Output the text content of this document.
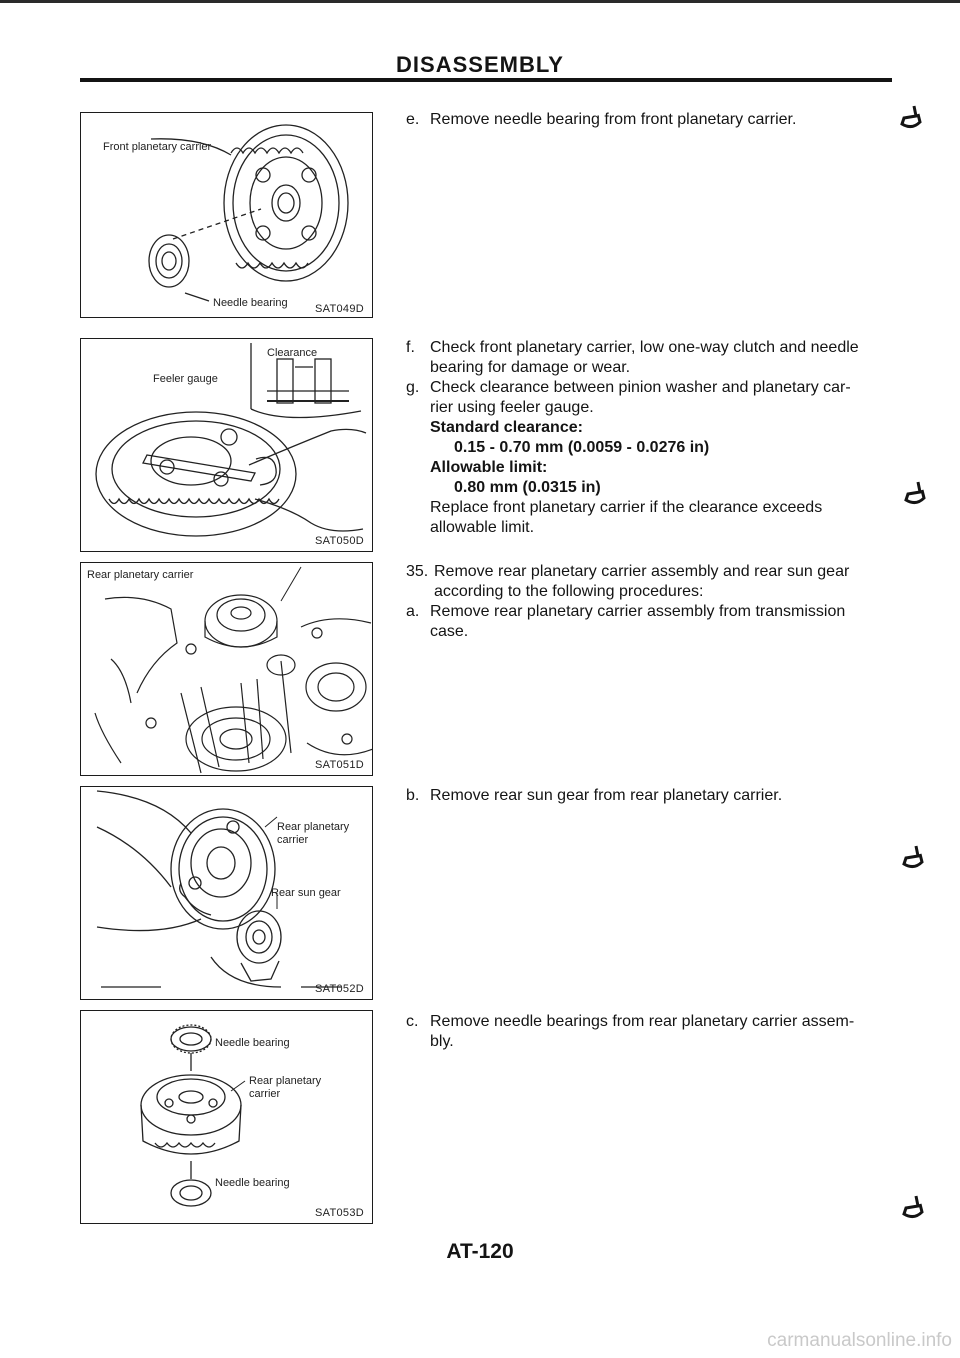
DISASSEMBLY
Front planetary carrier
Needle bearing SAT049D
Clearance
Feeler gauge
SAT050D
Rear planetary carrier
SAT051D
Rear planetary
carrier
Rear sun gear
SAT052D
Needle bearing
Rear planetary
carrier
Needle bearing
SAT053D
e. Remove needle bearing from front planetary carrier.
f. Check front planetary carrier, low one-way clutch and needle
bearing for damage or wear.
g. Check clearance between pinion washer and planetary car-
rier using feeler gauge.
Standard clearance:
0.15 - 0.70 mm (0.0059 - 0.0276 in)
Allowable limit:
0.80 mm (0.0315 in)
Replace front planetary carrier if the clearance exceeds
allowable limit.
35. Remove rear planetary carrier assembly and rear sun gear
according to the following procedures:
a. Remove rear planetary carrier assembly from transmission
case.
b. Remove rear sun gear from rear planetary carrier.
c. Remove needle bearings from rear planetary carrier assem-
bly.
AT-120
carmanualsonline.info
